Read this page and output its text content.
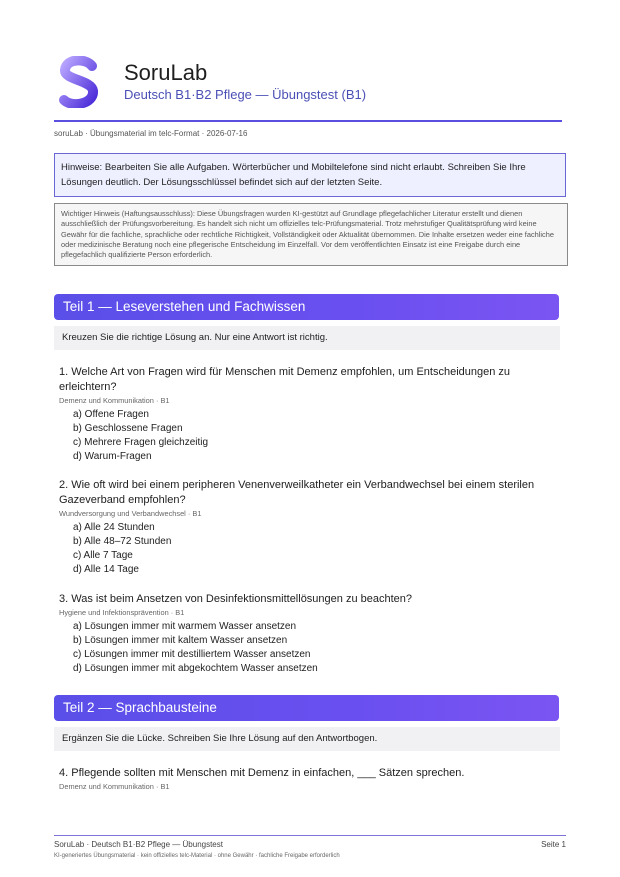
SoruLab
Deutsch B1·B2 Pflege — Übungstest (B1)
soruLab · Übungsmaterial im telc-Format · 2026-07-16
Hinweise: Bearbeiten Sie alle Aufgaben. Wörterbücher und Mobiltelefone sind nicht erlaubt. Schreiben Sie Ihre Lösungen deutlich. Der Lösungsschlüssel befindet sich auf der letzten Seite.
Wichtiger Hinweis (Haftungsausschluss): Diese Übungsfragen wurden KI-gestützt auf Grundlage pflegefachlicher Literatur erstellt und dienen ausschließlich der Prüfungsvorbereitung. Es handelt sich nicht um offizielles telc-Prüfungsmaterial. Trotz mehrstufiger Qualitätsprüfung wird keine Gewähr für die fachliche, sprachliche oder rechtliche Richtigkeit, Vollständigkeit oder Aktualität übernommen. Die Inhalte ersetzen weder eine fachliche oder medizinische Beratung noch eine pflegerische Entscheidung im Einzelfall. Vor dem veröffentlichten Einsatz ist eine Freigabe durch eine pflegefachlich qualifizierte Person erforderlich.
Teil 1 — Leseverstehen und Fachwissen
Kreuzen Sie die richtige Lösung an. Nur eine Antwort ist richtig.
1. Welche Art von Fragen wird für Menschen mit Demenz empfohlen, um Entscheidungen zu erleichtern?
Demenz und Kommunikation · B1
a) Offene Fragen
b) Geschlossene Fragen
c) Mehrere Fragen gleichzeitig
d) Warum-Fragen
2. Wie oft wird bei einem peripheren Venenverweilkatheter ein Verbandwechsel bei einem sterilen Gazeverband empfohlen?
Wundversorgung und Verbandwechsel · B1
a) Alle 24 Stunden
b) Alle 48–72 Stunden
c) Alle 7 Tage
d) Alle 14 Tage
3. Was ist beim Ansetzen von Desinfektionsmittellösungen zu beachten?
Hygiene und Infektionsprävention · B1
a) Lösungen immer mit warmem Wasser ansetzen
b) Lösungen immer mit kaltem Wasser ansetzen
c) Lösungen immer mit destilliertem Wasser ansetzen
d) Lösungen immer mit abgekochtem Wasser ansetzen
Teil 2 — Sprachbausteine
Ergänzen Sie die Lücke. Schreiben Sie Ihre Lösung auf den Antwortbogen.
4. Pflegende sollten mit Menschen mit Demenz in einfachen, ___ Sätzen sprechen.
Demenz und Kommunikation · B1
SoruLab · Deutsch B1·B2 Pflege — Übungstest	Seite 1
KI-generiertes Übungsmaterial · kein offizielles telc-Material · ohne Gewähr · fachliche Freigabe erforderlich
